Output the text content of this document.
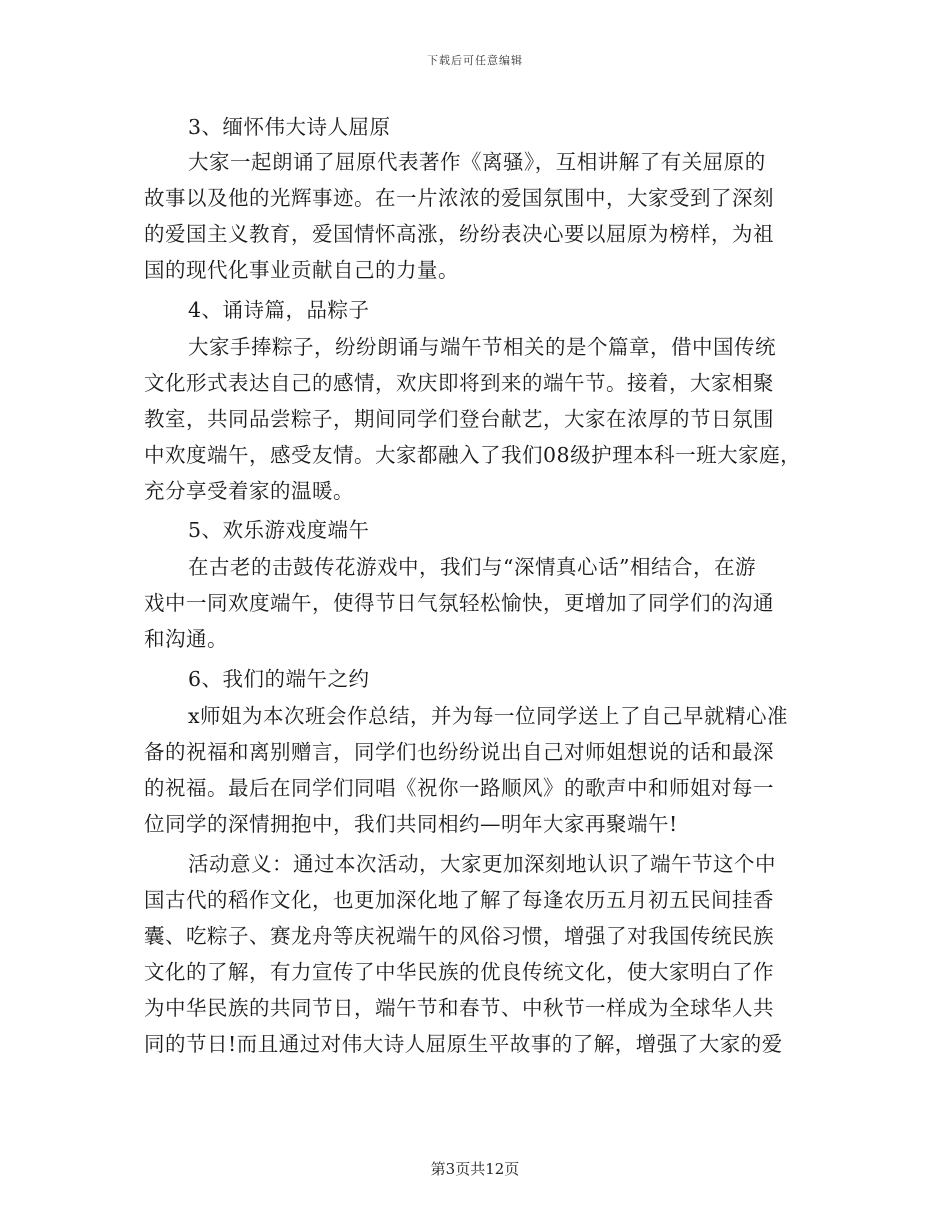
下载后可任意编辑
3、缅怀伟大诗人屈原
大家一起朗诵了屈原代表著作《离骚》，互相讲解了有关屈原的
故事以及他的光辉事迹。在一片浓浓的爱国氛围中，大家受到了深刻
的爱国主义教育，爱国情怀高涨，纷纷表决心要以屈原为榜样，为祖
国的现代化事业贡献自己的力量。
4、诵诗篇，品粽子
大家手捧粽子，纷纷朗诵与端午节相关的是个篇章，借中国传统
文化形式表达自己的感情，欢庆即将到来的端午节。接着，大家相聚
教室，共同品尝粽子，期间同学们登台献艺，大家在浓厚的节日氛围
中欢度端午，感受友情。大家都融入了我们08级护理本科一班大家庭，
充分享受着家的温暖。
5、欢乐游戏度端午
在古老的击鼓传花游戏中，我们与“深情真心话”相结合，在游
戏中一同欢度端午，使得节日气氛轻松愉快，更增加了同学们的沟通
和沟通。
6、我们的端午之约
x师姐为本次班会作总结，并为每一位同学送上了自己早就精心准
备的祝福和离别赠言，同学们也纷纷说出自己对师姐想说的话和最深
的祝福。最后在同学们同唱《祝你一路顺风》的歌声中和师姐对每一
位同学的深情拥抱中，我们共同相约—明年大家再聚端午!
活动意义：通过本次活动，大家更加深刻地认识了端午节这个中
国古代的稻作文化，也更加深化地了解了每逢农历五月初五民间挂香
囊、吃粽子、赛龙舟等庆祝端午的风俗习惯，增强了对我国传统民族
文化的了解，有力宣传了中华民族的优良传统文化，使大家明白了作
为中华民族的共同节日，端午节和春节、中秋节一样成为全球华人共
同的节日!而且通过对伟大诗人屈原生平故事的了解，增强了大家的爱
第3页共12页
